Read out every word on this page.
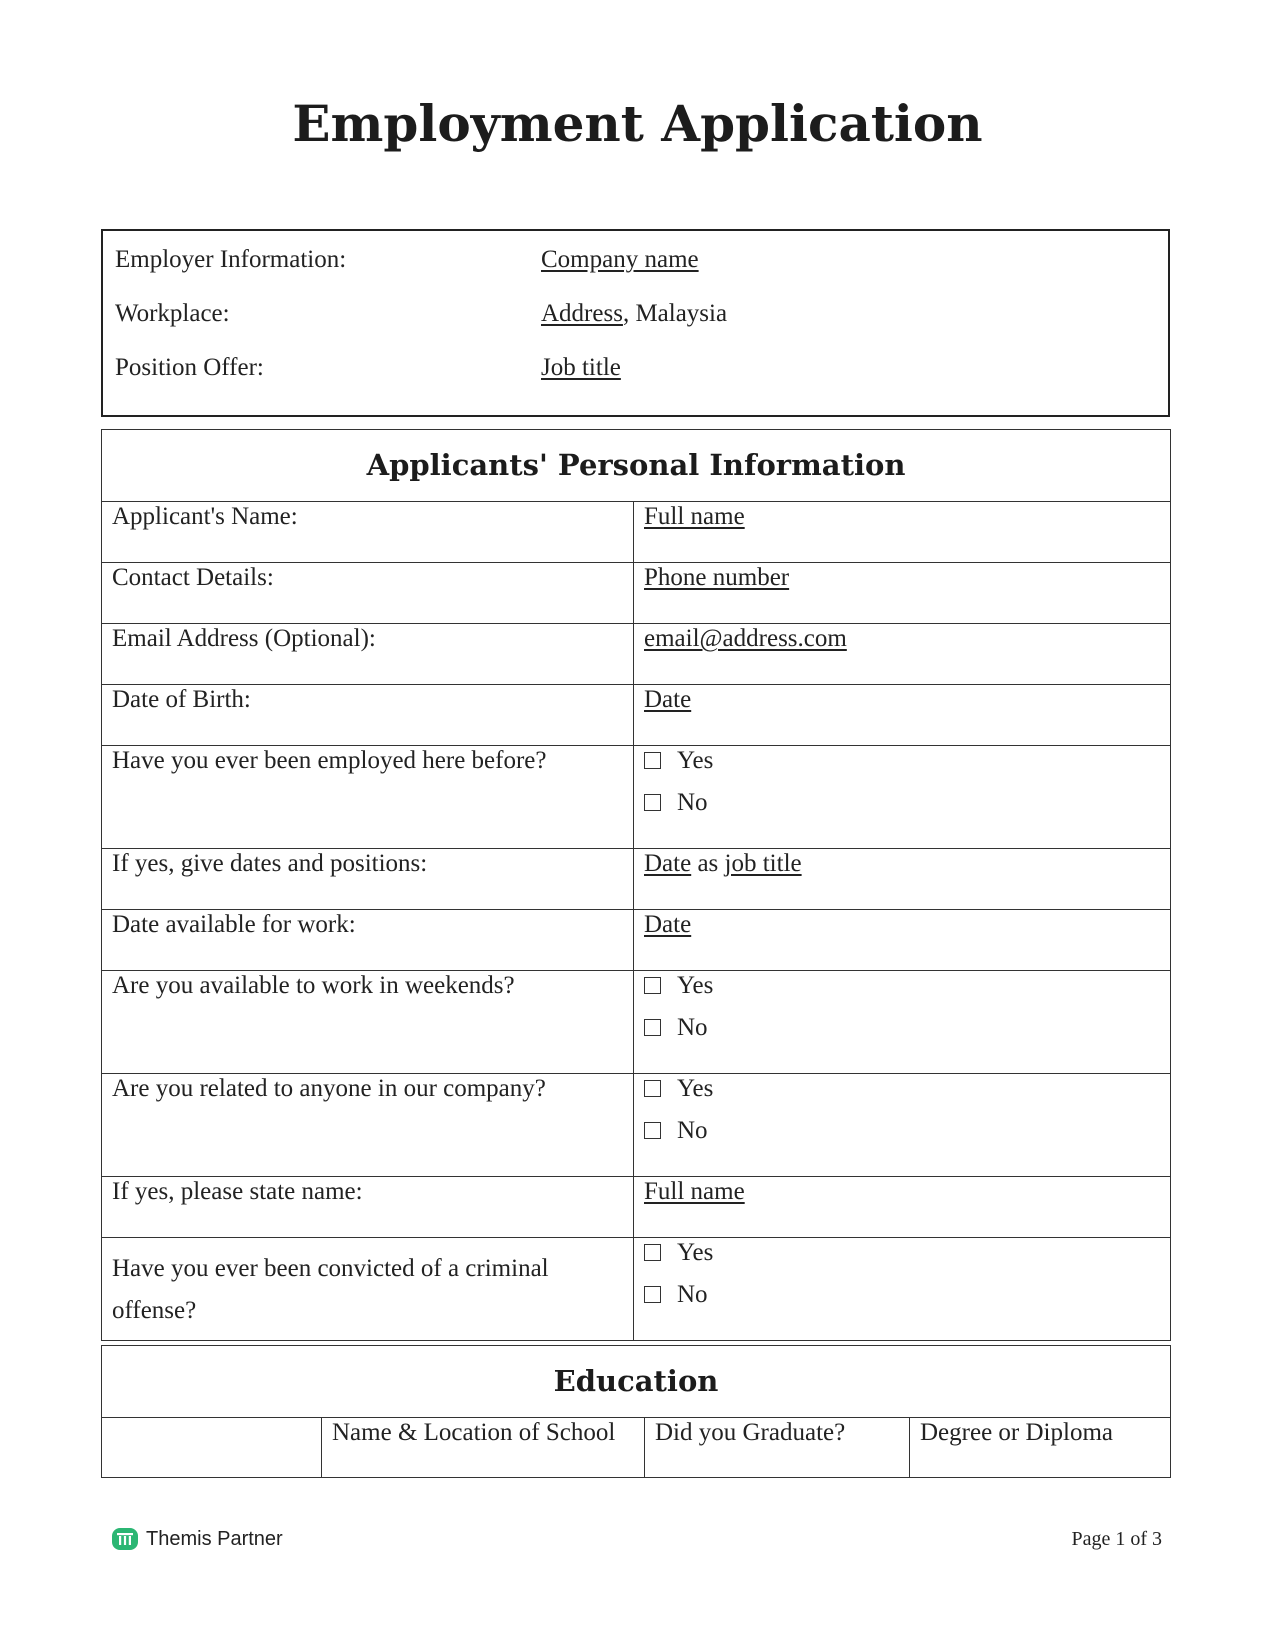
Employment Application
Employer Information:	Company name
Workplace:	Address, Malaysia
Position Offer:	Job title
Applicants' Personal Information	
Applicant's Name:	Full name
Contact Details:	Phone number
Email Address (Optional):	email@address.com
Date of Birth:	Date
Have you ever been employed here before?	Yes
No

If yes, give dates and positions:	Date as job title
Date available for work:	Date
Are you available to work in weekends?	Yes
No

Are you related to anyone in our company?	Yes
No

If yes, please state name:	Full name
Have you ever been convicted of a criminal offense?	Yes
No
Education
	Name & Location of School	Did you Graduate?	Degree or Diploma
Themis Partner	Page 1 of 3
